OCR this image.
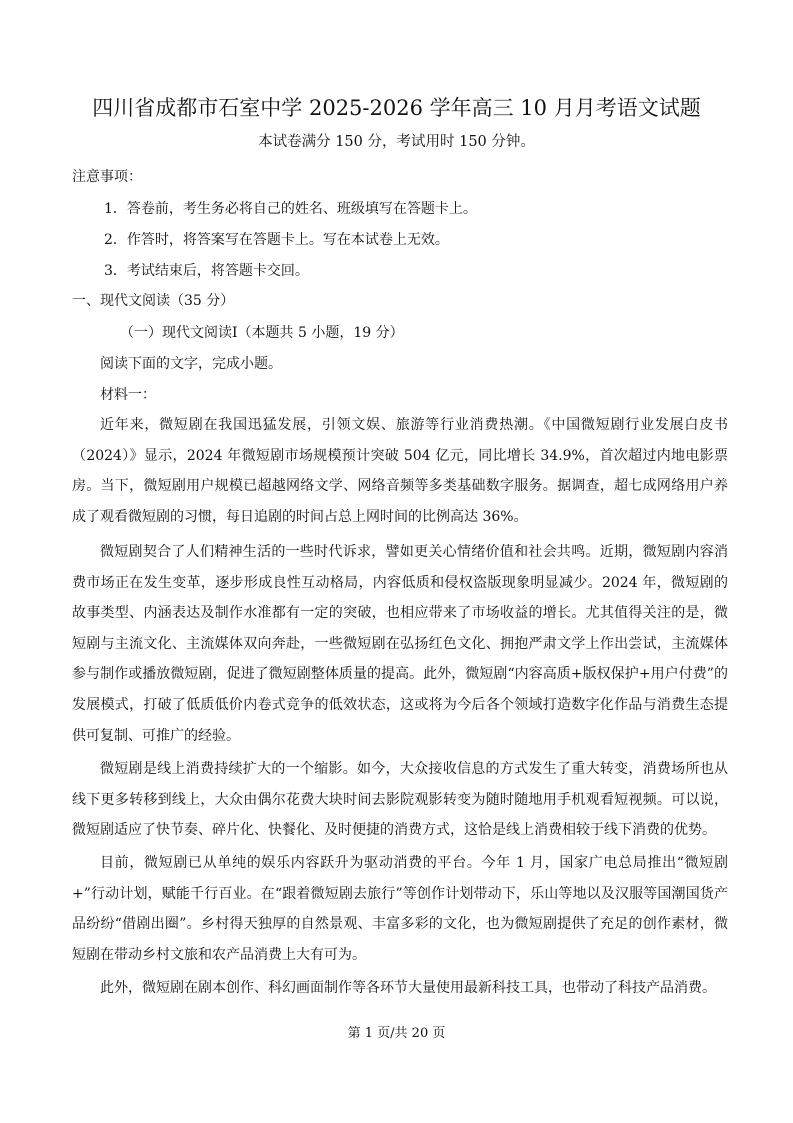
四川省成都市石室中学 2025-2026 学年高三 10 月月考语文试题
本试卷满分 150 分，考试用时 150 分钟。
注意事项：
1．答卷前，考生务必将自己的姓名、班级填写在答题卡上。
2．作答时，将答案写在答题卡上。写在本试卷上无效。
3．考试结束后，将答题卡交回。
一、现代文阅读（35 分）
（一）现代文阅读Ⅰ（本题共 5 小题，19 分）
阅读下面的文字，完成小题。
材料一：
近年来，微短剧在我国迅猛发展，引领文娱、旅游等行业消费热潮。《中国微短剧行业发展白皮书（2024）》显示，2024 年微短剧市场规模预计突破 504 亿元，同比增长 34.9%，首次超过内地电影票房。当下，微短剧用户规模已超越网络文学、网络音频等多类基础数字服务。据调查，超七成网络用户养成了观看微短剧的习惯，每日追剧的时间占总上网时间的比例高达 36%。
微短剧契合了人们精神生活的一些时代诉求，譬如更关心情绪价值和社会共鸣。近期，微短剧内容消费市场正在发生变革，逐步形成良性互动格局，内容低质和侵权盗版现象明显减少。2024 年，微短剧的故事类型、内涵表达及制作水准都有一定的突破，也相应带来了市场收益的增长。尤其值得关注的是，微短剧与主流文化、主流媒体双向奔赴，一些微短剧在弘扬红色文化、拥抱严肃文学上作出尝试，主流媒体参与制作或播放微短剧，促进了微短剧整体质量的提高。此外，微短剧“内容高质+版权保护+用户付费”的发展模式，打破了低质低价内卷式竞争的低效状态，这或将为今后各个领域打造数字化作品与消费生态提供可复制、可推广的经验。
微短剧是线上消费持续扩大的一个缩影。如今，大众接收信息的方式发生了重大转变，消费场所也从线下更多转移到线上，大众由偶尔花费大块时间去影院观影转变为随时随地用手机观看短视频。可以说，微短剧适应了快节奏、碎片化、快餐化、及时便捷的消费方式，这恰是线上消费相较于线下消费的优势。
目前，微短剧已从单纯的娱乐内容跃升为驱动消费的平台。今年 1 月，国家广电总局推出“微短剧+”行动计划，赋能千行百业。在“跟着微短剧去旅行”等创作计划带动下，乐山等地以及汉服等国潮国货产品纷纷“借剧出圈”。乡村得天独厚的自然景观、丰富多彩的文化，也为微短剧提供了充足的创作素材，微短剧在带动乡村文旅和农产品消费上大有可为。
此外，微短剧在剧本创作、科幻画面制作等各环节大量使用最新科技工具，也带动了科技产品消费。
第 1 页/共 20 页
